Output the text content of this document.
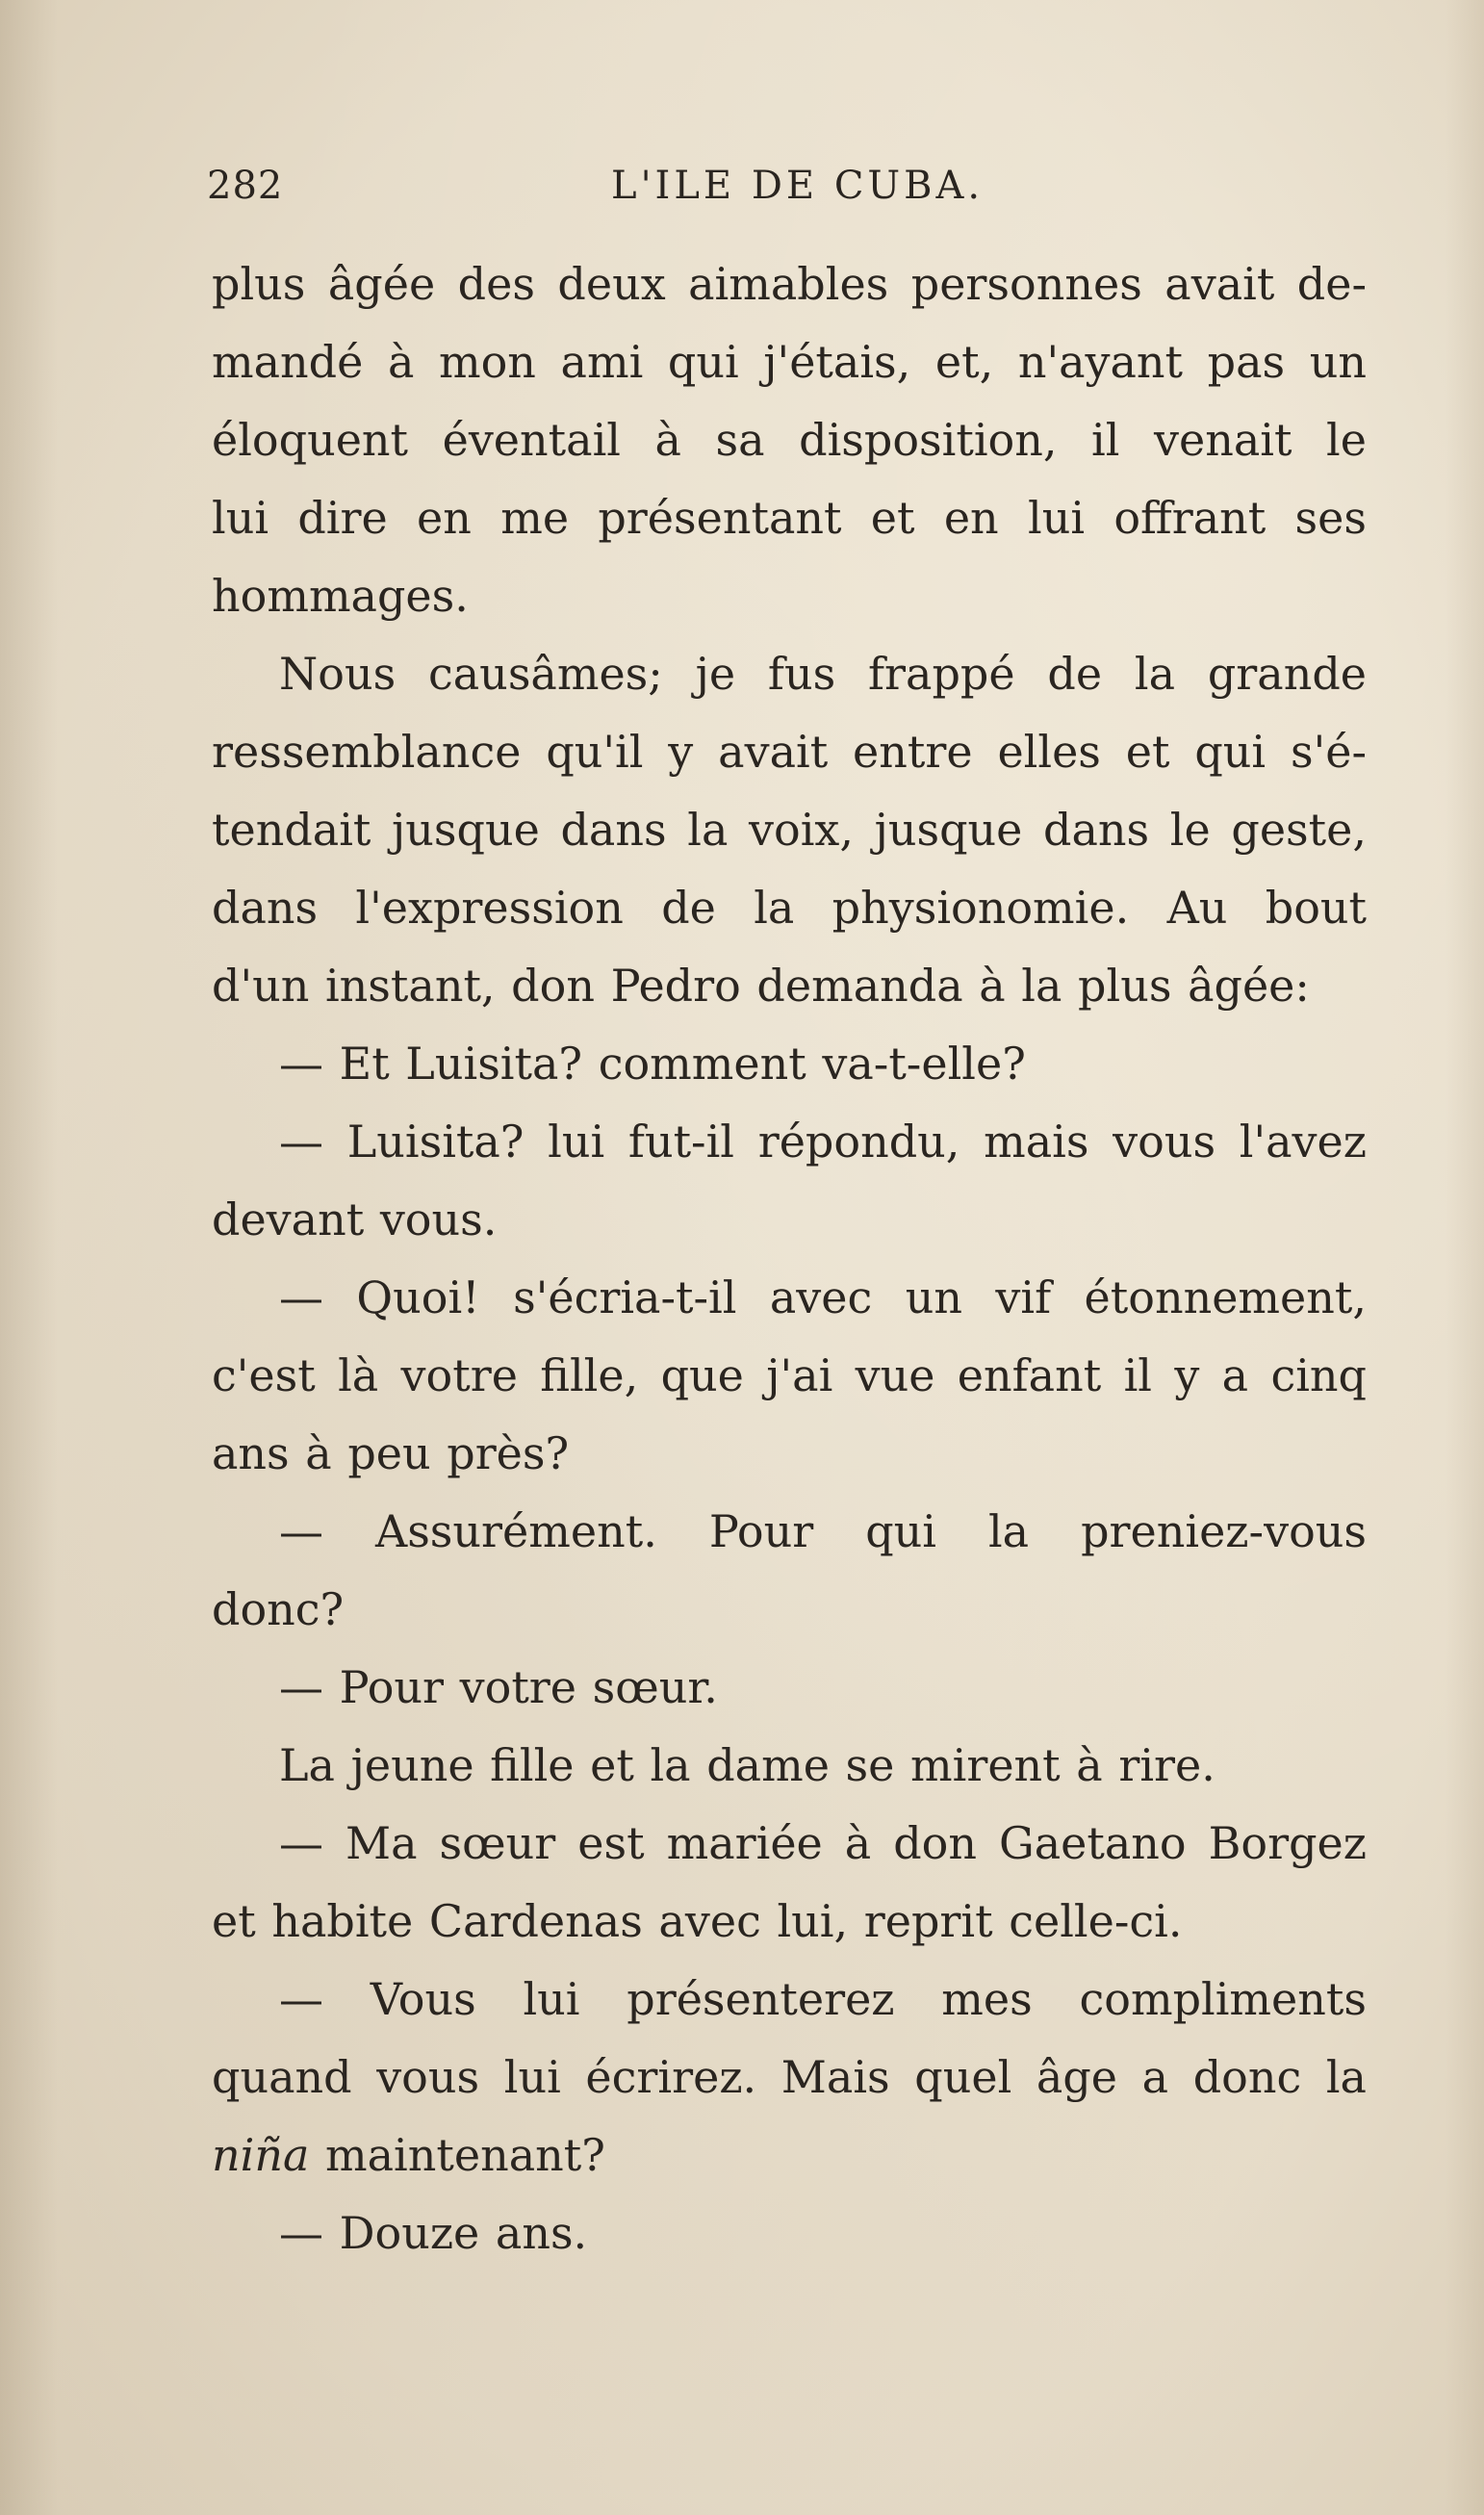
282	L'ILE DE CUBA.
plus âgée des deux aimables personnes avait de-
mandé à mon ami qui j'étais, et, n'ayant pas un
éloquent éventail à sa disposition, il venait le
lui dire en me présentant et en lui offrant ses
hommages.
Nous causâmes; je fus frappé de la grande
ressemblance qu'il y avait entre elles et qui s'é-
tendait jusque dans la voix, jusque dans le geste,
dans l'expression de la physionomie. Au bout
d'un instant, don Pedro demanda à la plus âgée:
— Et Luisita? comment va-t-elle?
— Luisita? lui fut-il répondu, mais vous l'avez
devant vous.
— Quoi! s'écria-t-il avec un vif étonnement,
c'est là votre fille, que j'ai vue enfant il y a cinq
ans à peu près?
— Assurément. Pour qui la preniez-vous
donc?
— Pour votre sœur.
La jeune fille et la dame se mirent à rire.
— Ma sœur est mariée à don Gaetano Borgez
et habite Cardenas avec lui, reprit celle-ci.
— Vous lui présenterez mes compliments
quand vous lui écrirez. Mais quel âge a donc la
niña maintenant?
— Douze ans.
